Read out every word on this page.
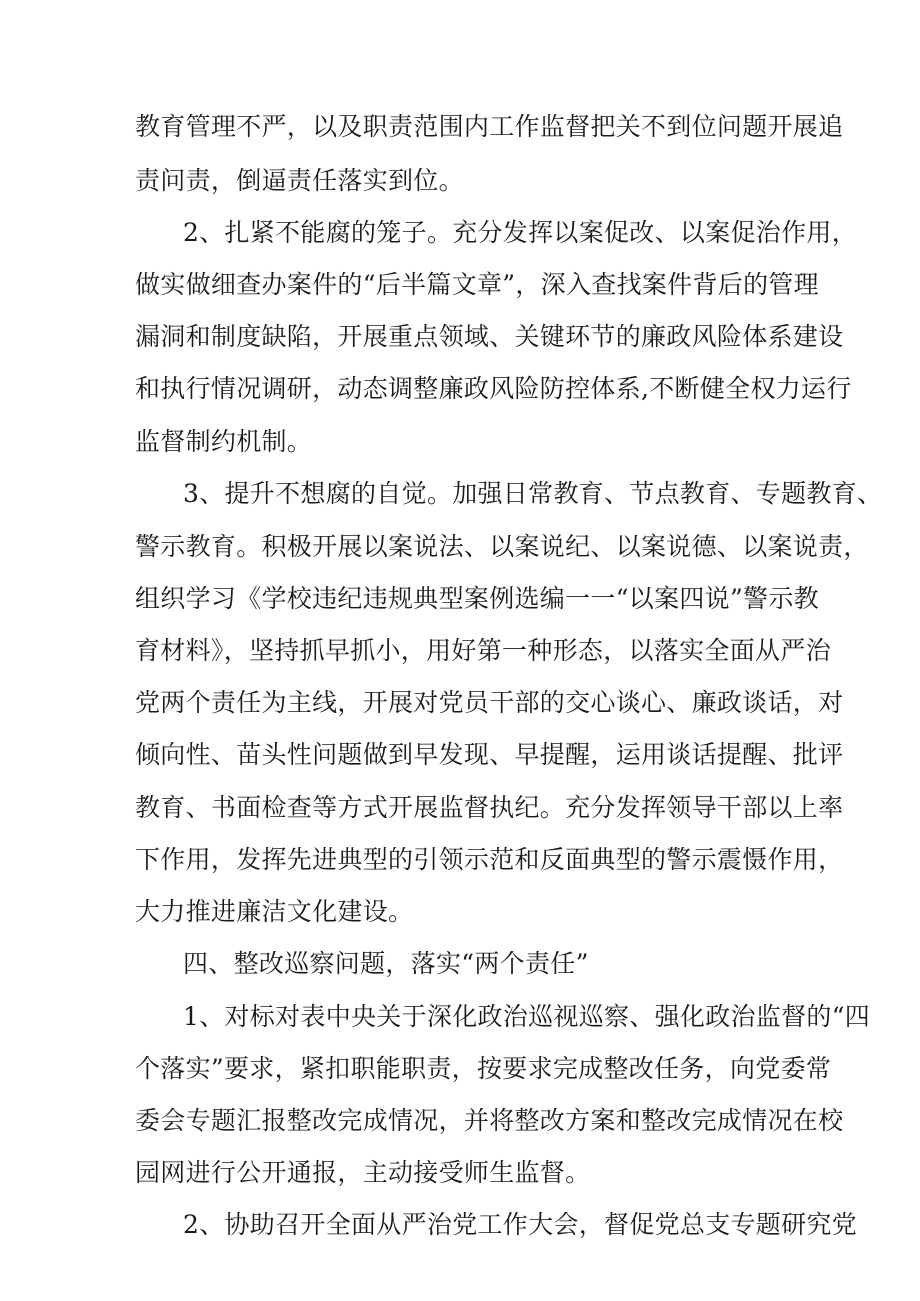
教育管理不严，以及职责范围内工作监督把关不到位问题开展追
责问责，倒逼责任落实到位。
2、扎紧不能腐的笼子。充分发挥以案促改、以案促治作用，
做实做细查办案件的“后半篇文章”，深入查找案件背后的管理
漏洞和制度缺陷，开展重点领域、关键环节的廉政风险体系建设
和执行情况调研，动态调整廉政风险防控体系,不断健全权力运行
监督制约机制。
3、提升不想腐的自觉。加强日常教育、节点教育、专题教育、
警示教育。积极开展以案说法、以案说纪、以案说德、以案说责，
组织学习《学校违纪违规典型案例选编一一“以案四说”警示教
育材料》，坚持抓早抓小，用好第一种形态，以落实全面从严治
党两个责任为主线，开展对党员干部的交心谈心、廉政谈话，对
倾向性、苗头性问题做到早发现、早提醒，运用谈话提醒、批评
教育、书面检查等方式开展监督执纪。充分发挥领导干部以上率
下作用，发挥先进典型的引领示范和反面典型的警示震慑作用，
大力推进廉洁文化建设。
四、整改巡察问题，落实“两个责任”
1、对标对表中央关于深化政治巡视巡察、强化政治监督的“四
个落实”要求，紧扣职能职责，按要求完成整改任务，向党委常
委会专题汇报整改完成情况，并将整改方案和整改完成情况在校
园网进行公开通报，主动接受师生监督。
2、协助召开全面从严治党工作大会，督促党总支专题研究党
